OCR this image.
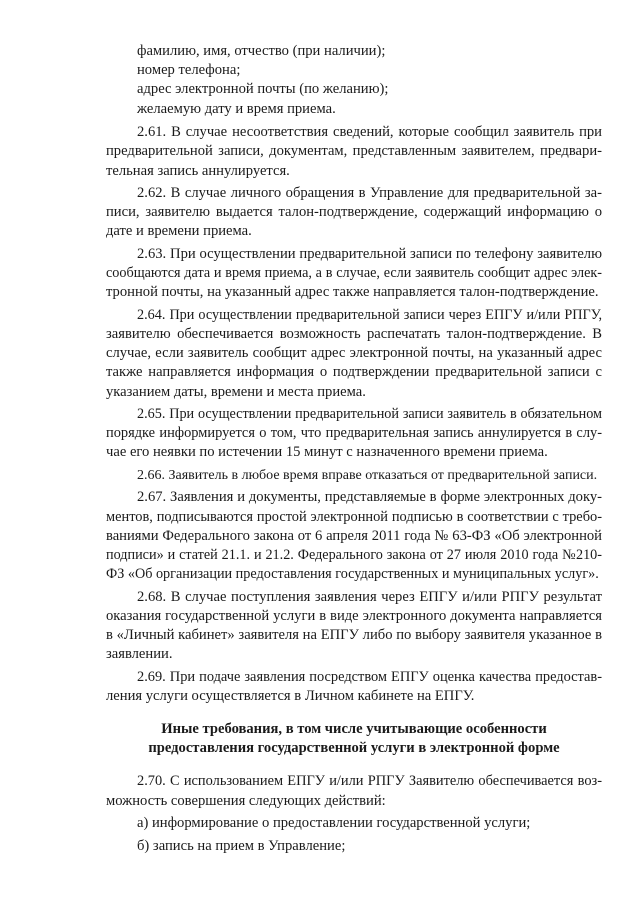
фамилию, имя, отчество (при наличии);
номер телефона;
адрес электронной почты (по желанию);
желаемую дату и время приема.
2.61. В случае несоответствия сведений, которые сообщил заявитель при
предварительной записи, документам, представленным заявителем, предвари-
тельная запись аннулируется.
2.62. В случае личного обращения в Управление для предварительной за-
писи, заявителю выдается талон-подтверждение, содержащий информацию о
дате и времени приема.
2.63. При осуществлении предварительной записи по телефону заявителю
сообщаются дата и время приема, а в случае, если заявитель сообщит адрес элек-
тронной почты, на указанный адрес также направляется талон-подтверждение.
2.64. При осуществлении предварительной записи через ЕПГУ и/или РПГУ,
заявителю обеспечивается возможность распечатать талон-подтверждение. В
случае, если заявитель сообщит адрес электронной почты, на указанный адрес
также направляется информация о подтверждении предварительной записи с
указанием даты, времени и места приема.
2.65. При осуществлении предварительной записи заявитель в обязательном
порядке информируется о том, что предварительная запись аннулируется в слу-
чае его неявки по истечении 15 минут с назначенного времени приема.
2.66. Заявитель в любое время вправе отказаться от предварительной записи.
2.67. Заявления и документы, представляемые в форме электронных доку-
ментов, подписываются простой электронной подписью в соответствии с требо-
ваниями Федерального закона от 6 апреля 2011 года № 63-ФЗ «Об электронной
подписи» и статей 21.1. и 21.2. Федерального закона от 27 июля 2010 года №210-
ФЗ «Об организации предоставления государственных и муниципальных услуг».
2.68. В случае поступления заявления через ЕПГУ и/или РПГУ результат
оказания государственной услуги в виде электронного документа направляется
в «Личный кабинет» заявителя на ЕПГУ либо по выбору заявителя указанное в
заявлении.
2.69. При подаче заявления посредством ЕПГУ оценка качества предостав-
ления услуги осуществляется в Личном кабинете на ЕПГУ.
Иные требования, в том числе учитывающие особенности
предоставления государственной услуги в электронной форме
2.70. С использованием ЕПГУ и/или РПГУ Заявителю обеспечивается воз-
можность совершения следующих действий:
а) информирование о предоставлении государственной услуги;
б) запись на прием в Управление;
